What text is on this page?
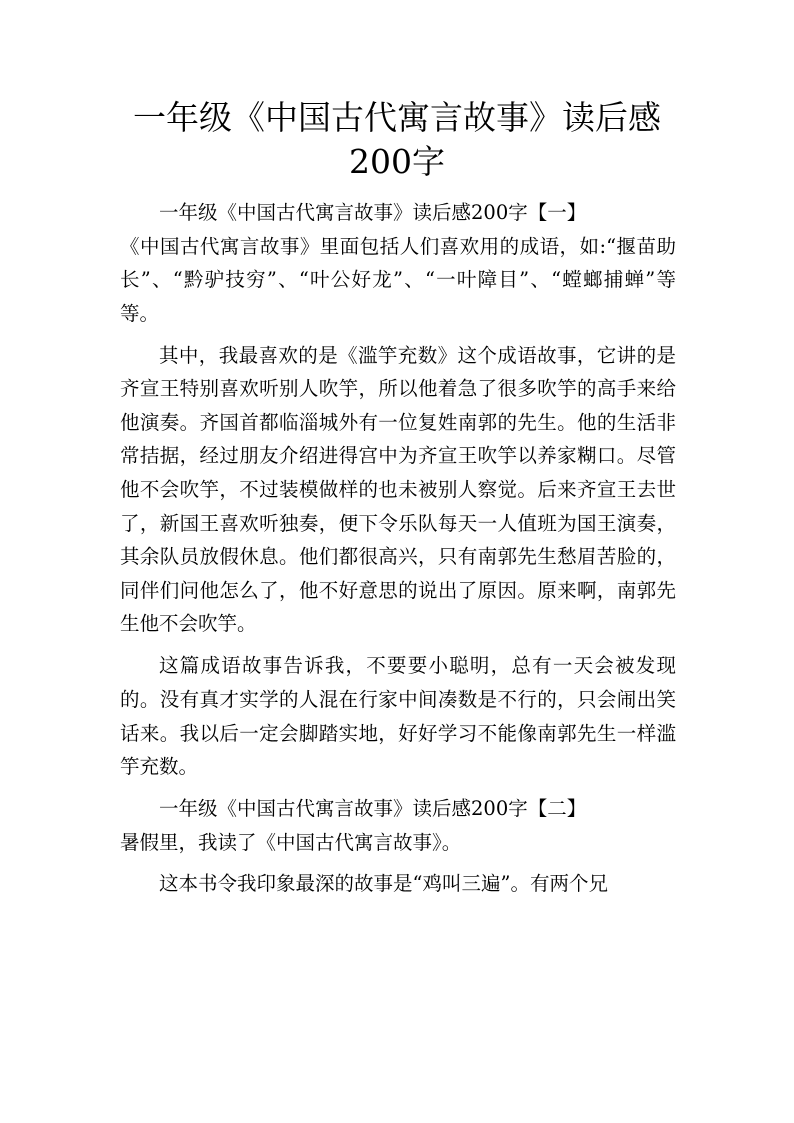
一年级《中国古代寓言故事》读后感200字

一年级《中国古代寓言故事》读后感200字【一】

《中国古代寓言故事》里面包括人们喜欢用的成语，如:“揠苗助长”、“黔驴技穷”、“叶公好龙”、“一叶障目”、“螳螂捕蝉”等等。

其中，我最喜欢的是《滥竽充数》这个成语故事，它讲的是齐宣王特别喜欢听别人吹竽，所以他着急了很多吹竽的高手来给他演奏。齐国首都临淄城外有一位复姓南郭的先生。他的生活非常拮据，经过朋友介绍进得宫中为齐宣王吹竽以养家糊口。尽管他不会吹竽，不过装模做样的也未被别人察觉。后来齐宣王去世了，新国王喜欢听独奏，便下令乐队每天一人值班为国王演奏，其余队员放假休息。他们都很高兴，只有南郭先生愁眉苦脸的，同伴们问他怎么了，他不好意思的说出了原因。原来啊，南郭先生他不会吹竽。

这篇成语故事告诉我，不要要小聪明，总有一天会被发现的。没有真才实学的人混在行家中间凑数是不行的，只会闹出笑话来。我以后一定会脚踏实地，好好学习不能像南郭先生一样滥竽充数。

一年级《中国古代寓言故事》读后感200字【二】

暑假里，我读了《中国古代寓言故事》。

这本书令我印象最深的故事是“鸡叫三遍”。有两个兄
